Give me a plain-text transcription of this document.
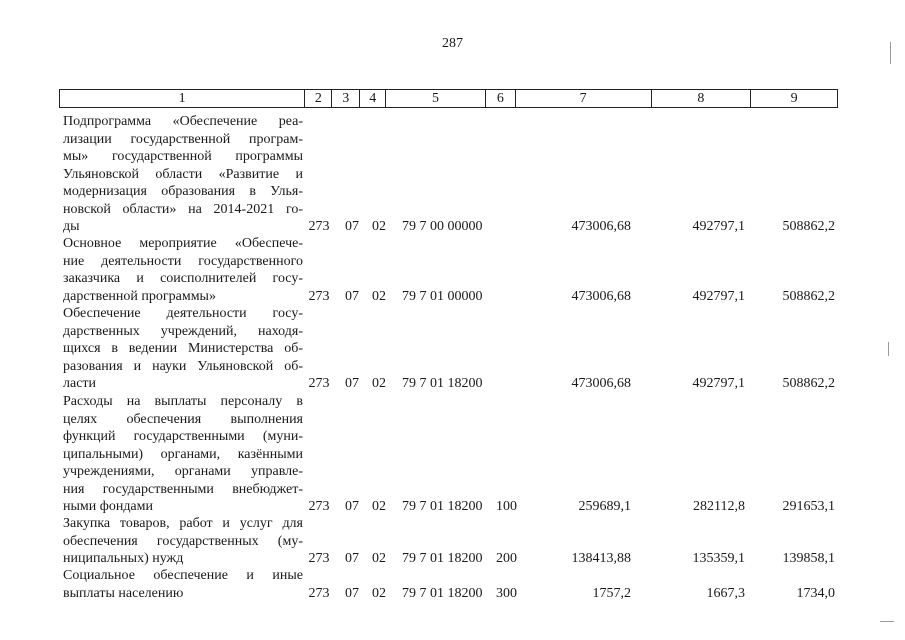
287
1	2	3	4	5	6	7	8	9
Подпрограмма «Обеспечение реа-
лизации государственной програм-
мы» государственной программы
Ульяновской области «Развитие и
модернизация образования в Улья-
новской области» на 2014-2021 го-
ды	273 07 02 79 7 00 00000	473006,68	492797,1	508862,2
Основное мероприятие «Обеспече-
ние деятельности государственного
заказчика и соисполнителей госу-
дарственной программы»	273 07 02 79 7 01 00000	473006,68	492797,1	508862,2
Обеспечение деятельности госу-
дарственных учреждений, находя-
щихся в ведении Министерства об-
разования и науки Ульяновской об-
ласти	273 07 02 79 7 01 18200	473006,68	492797,1	508862,2
Расходы на выплаты персоналу в
целях обеспечения выполнения
функций государственными (муни-
ципальными) органами, казёнными
учреждениями, органами управле-
ния государственными внебюджет-
ными фондами	273 07 02 79 7 01 18200 100	259689,1	282112,8	291653,1
Закупка товаров, работ и услуг для
обеспечения государственных (му-
ниципальных) нужд	273 07 02 79 7 01 18200 200	138413,88	135359,1	139858,1
Социальное обеспечение и иные
выплаты населению	273 07 02 79 7 01 18200 300	1757,2	1667,3	1734,0
